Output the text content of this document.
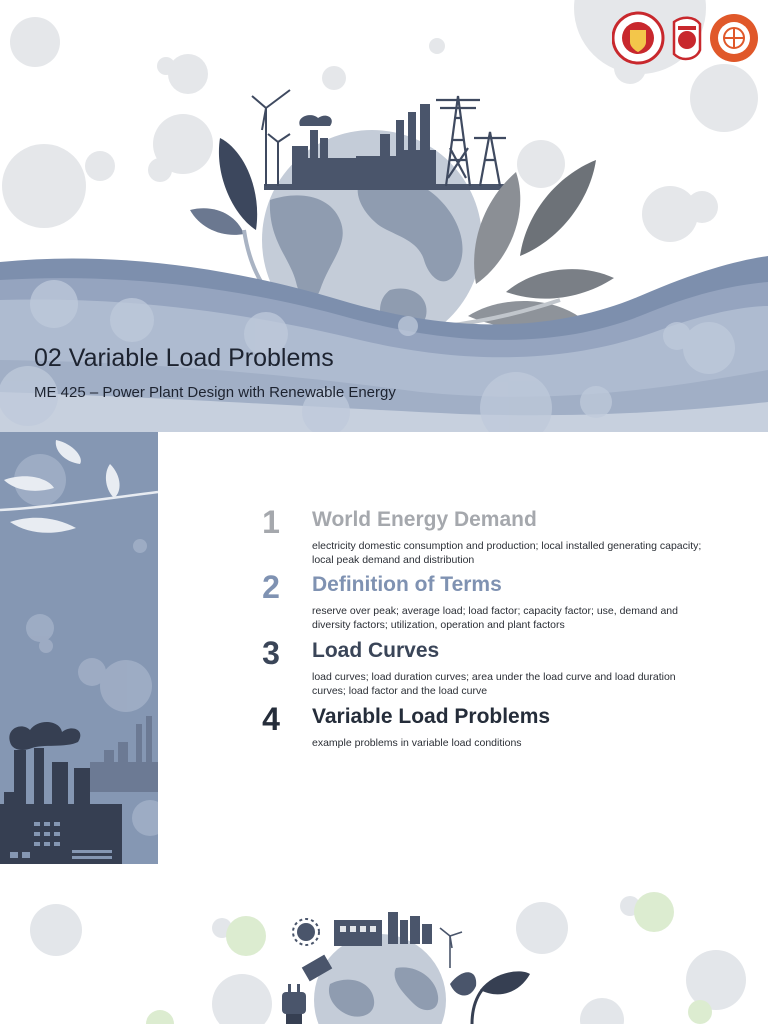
02 Variable Load Problems
ME 425 – Power Plant Design with Renewable Energy
1 World Energy Demand
electricity domestic consumption and production; local installed generating capacity; local peak demand and distribution
2 Definition of Terms
reserve over peak; average load; load factor; capacity factor; use, demand and diversity factors; utilization, operation and plant factors
3 Load Curves
load curves; load duration curves; area under the load curve and load duration curves; load factor and the load curve
4 Variable Load Problems
example problems in variable load conditions
